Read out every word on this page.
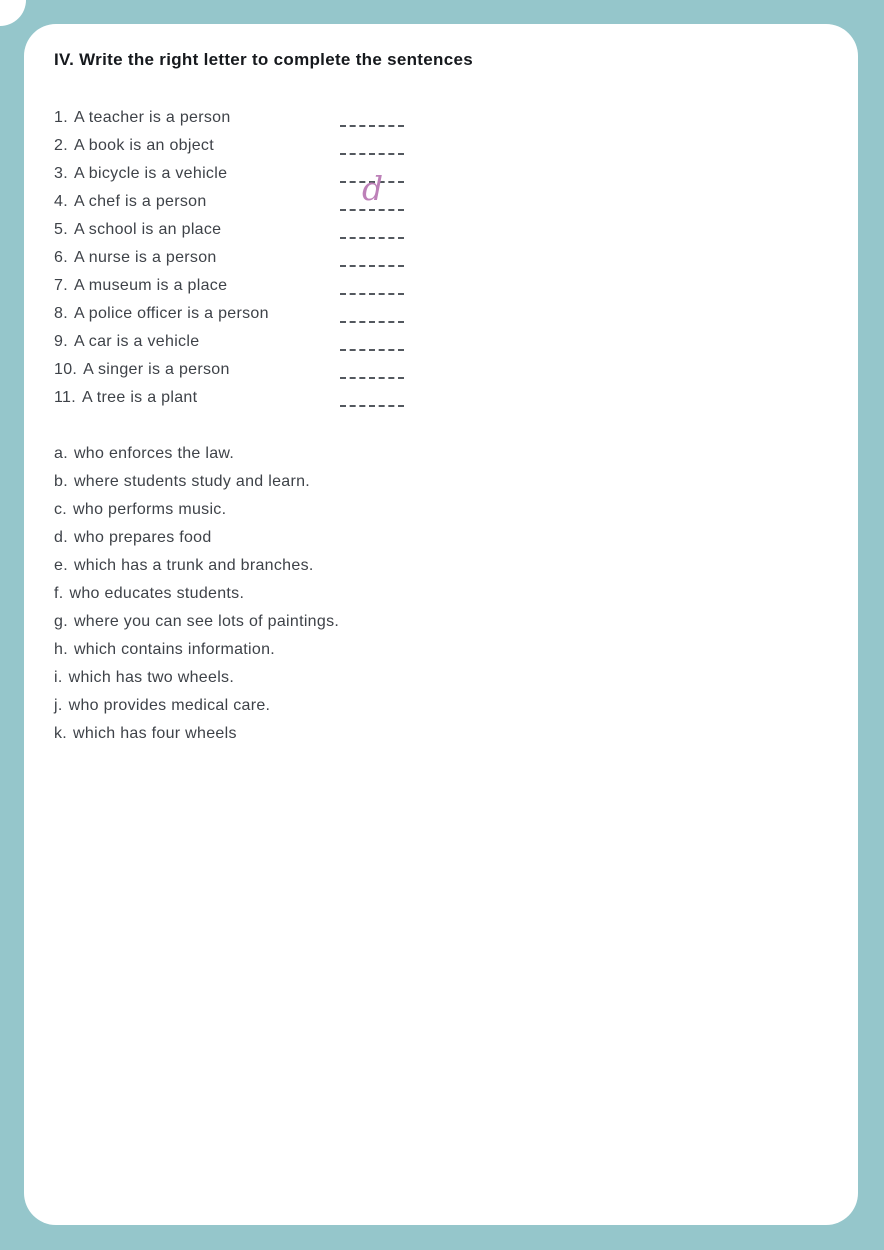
IV. Write the right letter to complete the sentences
1. A teacher is a person
2. A book is an object
3. A bicycle is a vehicle
4. A chef is a person	d
5. A school is an place
6. A nurse is a person
7. A museum is a place
8. A police officer is a person
9. A car is a vehicle
10. A singer is a person
11. A tree is a plant
a. who enforces the law.
b. where students study and learn.
c. who performs music.
d. who prepares food
e. which has a trunk and branches.
f. who educates students.
g. where you can see lots of paintings.
h. which contains information.
i. which has two wheels.
j. who provides medical care.
k. which has four wheels
